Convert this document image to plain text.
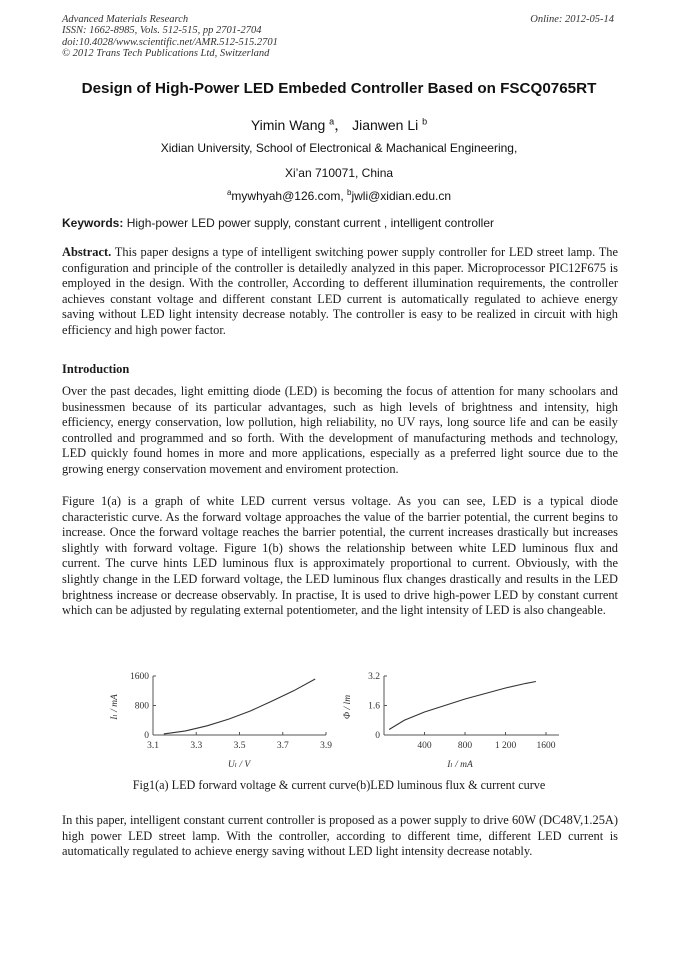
Advanced Materials Research
ISSN: 1662-8985, Vols. 512-515, pp 2701-2704
doi:10.4028/www.scientific.net/AMR.512-515.2701
© 2012 Trans Tech Publications Ltd, Switzerland
Online: 2012-05-14
Design of High-Power LED Embeded Controller Based on FSCQ0765RT
Yimin Wang $^a$， Jianwen Li $^b$
Xidian University, School of Electronical & Machanical Engineering,
Xi’an 710071, China
$^a$mywhyah@126.com, $^b$jwli@xidian.edu.cn
Keywords: High-power LED power supply, constant current , intelligent controller
Abstract. This paper designs a type of intelligent switching power supply controller for LED street lamp. The configuration and principle of the controller is detailedly analyzed in this paper. Microprocessor PIC12F675 is employed in the design. With the controller, According to defferent illumination requirements, the controller achieves constant voltage and different constant LED current is automatically regulated to achieve energy saving without LED light intensity decrease notably. The controller is easy to be realized in circuit with high efficiency and high power factor.
Introduction
Over the past decades, light emitting diode (LED) is becoming the focus of attention for many schoolars and businessmen because of its particular advantages, such as high levels of brightness and intensity, high efficiency, energy conservation, low pollution, high reliability, no UV rays, long source life and can be easily controlled and programmed and so forth. With the development of manufacturing methods and technology, LED quickly found homes in more and more applications, especially as a preferred light source due to the growing energy conservation movement and enviroment protection.
Figure 1(a) is a graph of white LED current versus voltage. As you can see, LED is a typical diode characteristic curve. As the forward voltage approaches the value of the barrier potential, the current begins to increase. Once the forward voltage reaches the barrier potential, the current increases drastically but increases slightly with forward voltage. Figure 1(b) shows the relationship between white LED luminous flux and current. The curve hints LED luminous flux is approximately proportional to current. Obviously, with the slightly change in the LED forward voltage, the LED luminous flux changes drastically and results in the LED brightness increase or decrease observably. In practise, It is used to drive high-power LED by constant current which can be adjusted by regulating external potentiometer, and the light intensity of LED is also changeable.
0
800
1600
3.1	3.3	3.5	3.7	3.9
Iₗ / mA
Uₗ / V
0
1.6
3.2
400	800 1 200 1600
Φ / lm
Iₗ / mA
Fig1(a) LED forward voltage & current curve(b)LED luminous flux & current curve
In this paper, intelligent constant current controller is proposed as a power supply to drive 60W (DC48V,1.25A) high power LED street lamp. With the controller, according to different time, different LED current is automatically regulated to achieve energy saving without LED light intensity decrease notably.
